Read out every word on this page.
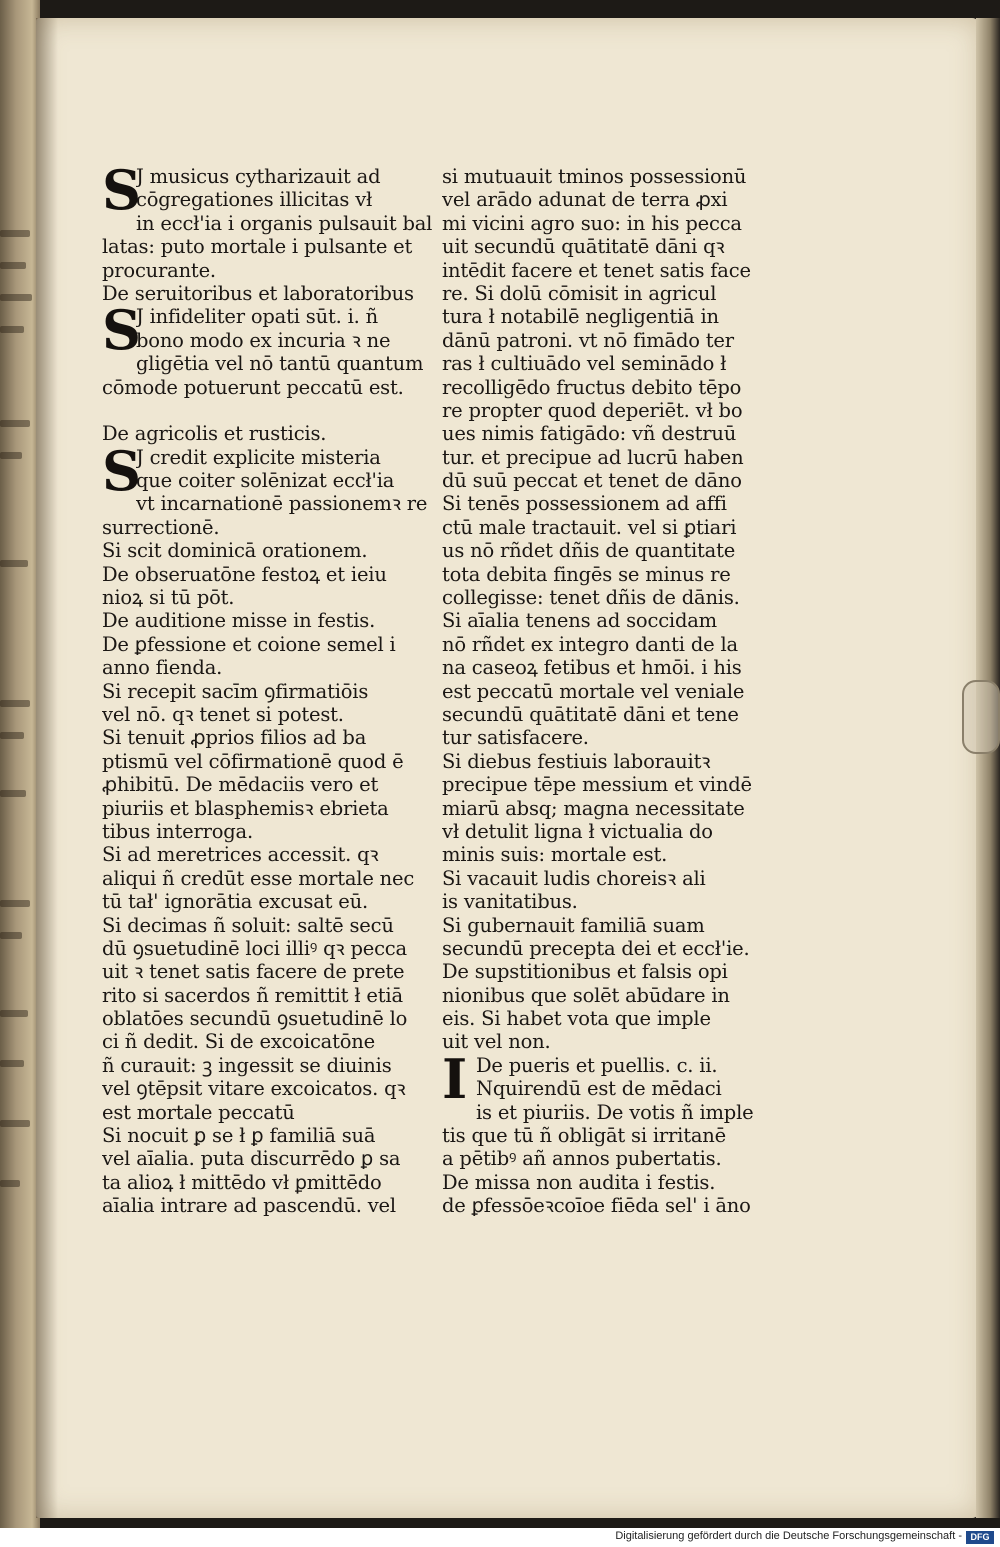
S
J musicus cytharizauit ad
cōgregationes illicitas vł
in eccł'ia i organis pulsauit bal
latas: puto mortale i pulsante et
procurante.
De seruitoribus et laboratoribus
S
J infideliter opati sūt. i. ñ
bono modo ex incuria ꝛ ne
gligētia vel nō tantū quantum
cōmode potuerunt peccatū est.
De agricolis et rusticis.
S
J credit explicite misteria
que coiter solēnizat eccł'ia
vt incarnationē passionemꝛ re
surrectionē.
Si scit dominicā orationem.
De obseruatōne festoꝝ et ieiu
nioꝝ si tū pōt.
De auditione misse in festis.
De ꝑfessione et coione semel i
anno fienda.
Si recepit sacīm ꝯfirmatiōis
vel nō. qꝛ tenet si potest.
Si tenuit ꝓprios filios ad ba
ptismū vel cōfirmationē quod ē
ꝓhibitū. De mēdaciis vero et
piuriis et blasphemisꝛ ebrieta
tibus interroga.
Si ad meretrices accessit. qꝛ
aliqui ñ credūt esse mortale nec
tū tał' ignorātia excusat eū.
Si decimas ñ soluit: saltē secū
dū ꝯsuetudinē loci illiꝰ qꝛ pecca
uit ꝛ tenet satis facere de prete
rito si sacerdos ñ remittit ł etiā
oblatōes secundū ꝯsuetudinē lo
ci ñ dedit. Si de excoicatōne
ñ curauit: ꝫ ingessit se diuinis
vel ꝯtēpsit vitare excoicatos. qꝛ
est mortale peccatū
Si nocuit ꝑ se ł ꝑ familiā suā
vel aīalia. puta discurrēdo ꝑ sa
ta alioꝝ ł mittēdo vł ꝑmittēdo
aīalia intrare ad pascendū. vel
si mutuauit tminos possessionū
vel arādo adunat de terra ꝓxi
mi vicini agro suo: in his pecca
uit secundū quātitatē dāni qꝛ
intēdit facere et tenet satis face
re. Si dolū cōmisit in agricul
tura ł notabilē negligentiā in
dānū patroni. vt nō fimādo ter
ras ł cultiuādo vel seminādo ł
recolligēdo fructus debito tēpo
re propter quod deperiēt. vł bo
ues nimis fatigādo: vñ destruū
tur. et precipue ad lucrū haben
dū suū peccat et tenet de dāno
Si tenēs possessionem ad affi
ctū male tractauit. vel si ꝑtiari
us nō rñdet dñis de quantitate
tota debita fingēs se minus re
collegisse: tenet dñis de dānis.
Si aīalia tenens ad soccidam
nō rñdet ex integro danti de la
na caseoꝝ fetibus et hmōi. i his
est peccatū mortale vel veniale
secundū quātitatē dāni et tene
tur satisfacere.
Si diebus festiuis laborauitꝛ
precipue tēpe messium et vindē
miarū absq; magna necessitate
vł detulit ligna ł victualia do
minis suis: mortale est.
Si vacauit ludis choreisꝛ ali
is vanitatibus.
Si gubernauit familiā suam
secundū precepta dei et eccł'ie.
De supstitionibus et falsis opi
nionibus que solēt abūdare in
eis. Si habet vota que imple
uit vel non.
I De pueris et puellis. c. ii.
Nquirendū est de mēdaci
is et piuriis. De votis ñ imple
tis que tū ñ obligāt si irritanē
a pētibꝰ añ annos pubertatis.
De missa non audita i festis.
de ꝑfessōeꝛcoīoe fiēda sel' i āno
Digitalisierung gefördert durch die Deutsche Forschungsgemeinschaft - DFG
